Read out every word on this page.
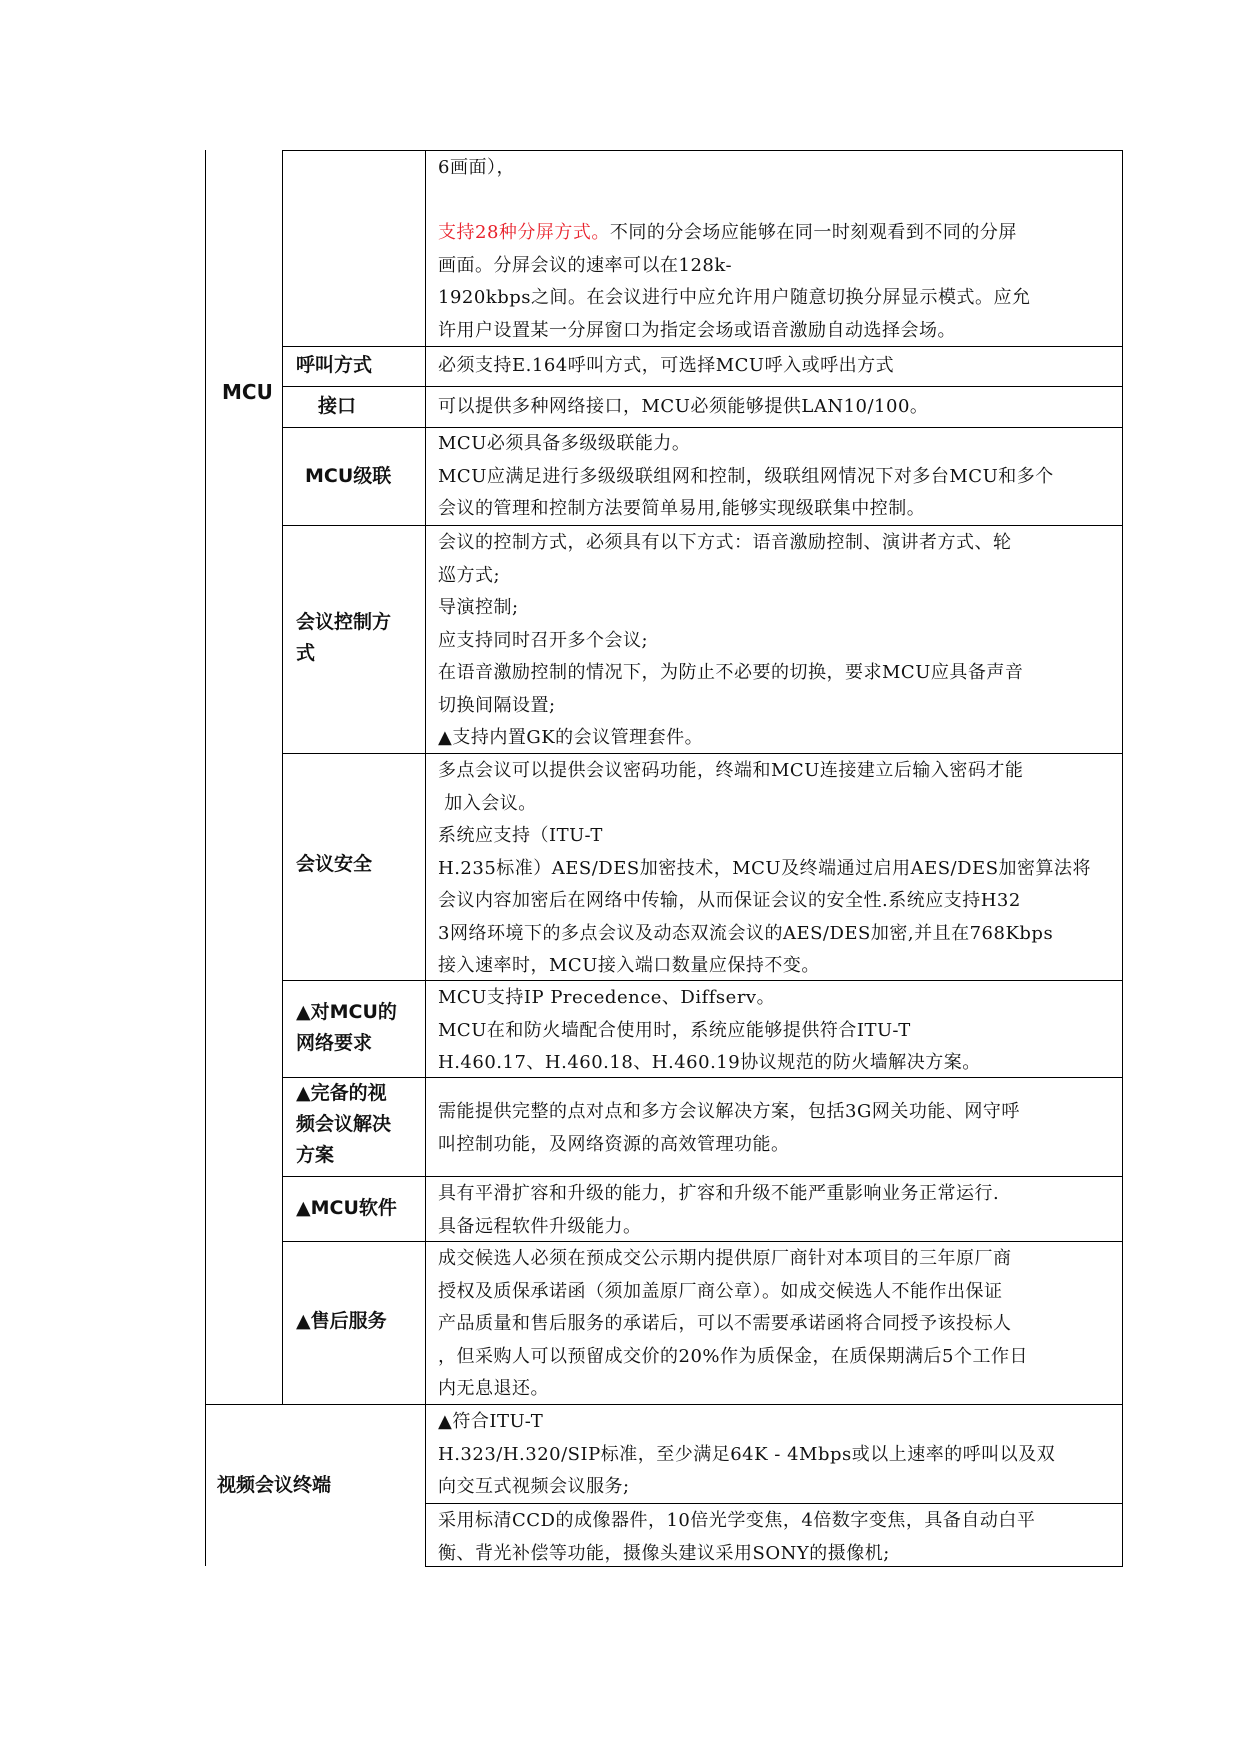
MCU
视频会议终端
呼叫方式
接口
MCU级联
会议控制方
式
会议安全
▲对MCU的
网络要求
▲完备的视
频会议解决
方案
▲MCU软件
▲售后服务

6画面），

支持28种分屏方式。不同的分会场应能够在同一时刻观看到不同的分屏

画面。分屏会议的速率可以在128k-

1920kbps之间。在会议进行中应允许用户随意切换分屏显示模式。应允

许用户设置某一分屏窗口为指定会场或语音激励自动选择会场。

必须支持E.164呼叫方式，可选择MCU呼入或呼出方式

可以提供多种网络接口，MCU必须能够提供LAN10/100。

MCU必须具备多级级联能力。

MCU应满足进行多级级联组网和控制，级联组网情况下对多台MCU和多个

会议的管理和控制方法要简单易用,能够实现级联集中控制。

会议的控制方式，必须具有以下方式：语音激励控制、演讲者方式、轮

巡方式;

导演控制;

应支持同时召开多个会议;

在语音激励控制的情况下，为防止不必要的切换，要求MCU应具备声音

切换间隔设置;

▲支持内置GK的会议管理套件。

多点会议可以提供会议密码功能，终端和MCU连接建立后输入密码才能

加入会议。

系统应支持（ITU-T

H.235标准）AES/DES加密技术，MCU及终端通过启用AES/DES加密算法将

会议内容加密后在网络中传输，从而保证会议的安全性.系统应支持H32

3网络环境下的多点会议及动态双流会议的AES/DES加密,并且在768Kbps

接入速率时，MCU接入端口数量应保持不变。

MCU支持IP Precedence、Diffserv。

MCU在和防火墙配合使用时，系统应能够提供符合ITU-T

H.460.17、H.460.18、H.460.19协议规范的防火墙解决方案。

需能提供完整的点对点和多方会议解决方案，包括3G网关功能、网守呼

叫控制功能，及网络资源的高效管理功能。

具有平滑扩容和升级的能力，扩容和升级不能严重影响业务正常运行.

具备远程软件升级能力。

成交候选人必须在预成交公示期内提供原厂商针对本项目的三年原厂商

授权及质保承诺函（须加盖原厂商公章）。如成交候选人不能作出保证

产品质量和售后服务的承诺后，可以不需要承诺函将合同授予该投标人

，但采购人可以预留成交价的20%作为质保金，在质保期满后5个工作日

内无息退还。

▲符合ITU-T

H.323/H.320/SIP标准，至少满足64K - 4Mbps或以上速率的呼叫以及双

向交互式视频会议服务;

采用标清CCD的成像器件，10倍光学变焦，4倍数字变焦，具备自动白平

衡、背光补偿等功能，摄像头建议采用SONY的摄像机;
